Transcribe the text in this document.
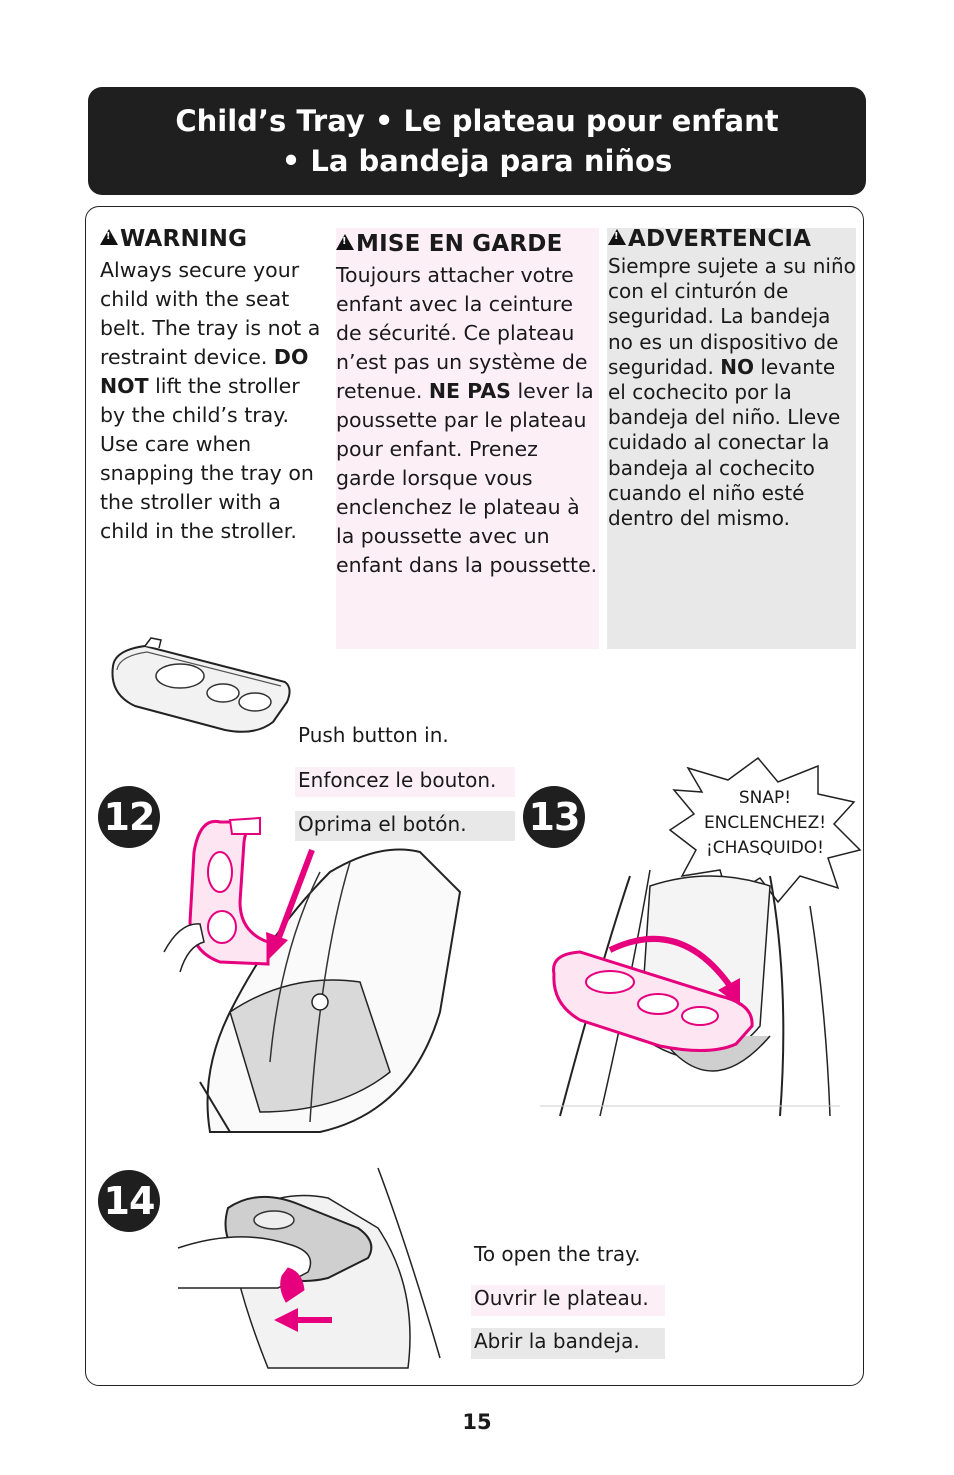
Child’s Tray • Le plateau pour enfant
• La bandeja para niños
!WARNING
Always secure your child with the seat belt. The tray is not a restraint device. DO NOT lift the stroller by the child’s tray. Use care when snapping the tray on the stroller with a child in the stroller.
!MISE EN GARDE
Toujours attacher votre enfant avec la ceinture de sécurité. Ce plateau n’est pas un système de retenue. NE PAS lever la poussette par le plateau pour enfant. Prenez garde lorsque vous enclenchez le plateau à la poussette avec un enfant dans la poussette.
!ADVERTENCIA
Siempre sujete a su niño con el cinturón de seguridad. La bandeja no es un dispositivo de seguridad. NO levante el cochecito por la bandeja del niño. Lleve cuidado al conectar la bandeja al cochecito cuando el niño esté dentro del mismo.
12
Push button in.
Enfoncez le bouton.
Oprima el botón.	13	SNAP!
ENCLENCHEZ!
¡CHASQUIDO!
14
To open the tray.
Ouvrir le plateau.
Abrir la bandeja.
15
